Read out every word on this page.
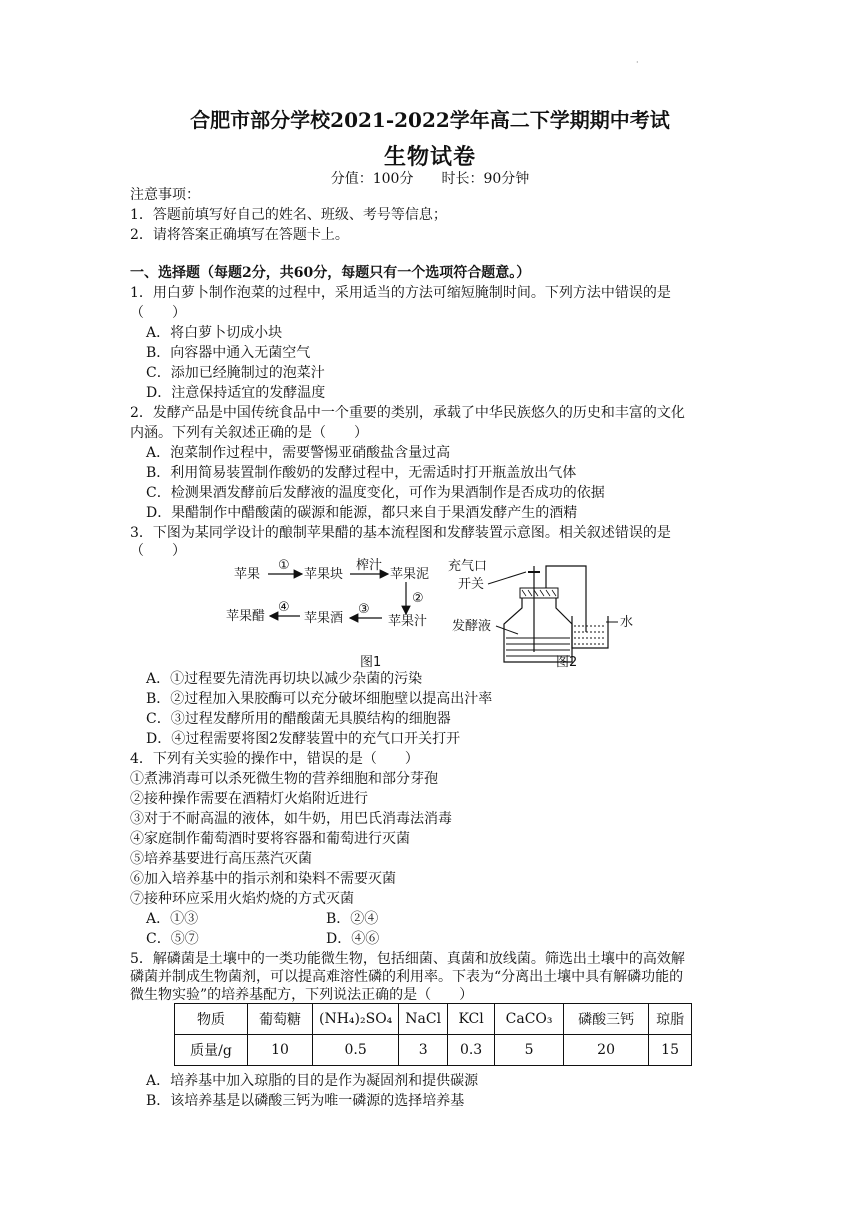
·
合肥市部分学校2021-2022学年高二下学期期中考试
生物试卷
分值：100分　　时长：90分钟
注意事项：
1．答题前填写好自己的姓名、班级、考号等信息；
2．请将答案正确填写在答题卡上。
一、选择题（每题2分，共60分，每题只有一个选项符合题意。）
1．用白萝卜制作泡菜的过程中，采用适当的方法可缩短腌制时间。下列方法中错误的是
（　　）
A．将白萝卜切成小块
B．向容器中通入无菌空气
C．添加已经腌制过的泡菜汁
D．注意保持适宜的发酵温度
2．发酵产品是中国传统食品中一个重要的类别，承载了中华民族悠久的历史和丰富的文化
内涵。下列有关叙述正确的是（　　）
A．泡菜制作过程中，需要警惕亚硝酸盐含量过高
B．利用简易装置制作酸奶的发酵过程中，无需适时打开瓶盖放出气体
C．检测果酒发酵前后发酵液的温度变化，可作为果酒制作是否成功的依据
D．果醋制作中醋酸菌的碳源和能源，都只来自于果酒发酵产生的酒精
3．下图为某同学设计的酿制苹果醋的基本流程图和发酵装置示意图。相关叙述错误的是
（　　）
苹果
①
苹果块
榨汁
苹果泥
②
苹果汁
③
苹果酒
④
苹果醋
图1
充气口
开关
水
发酵液
图2
A．①过程要先清洗再切块以减少杂菌的污染
B．②过程加入果胶酶可以充分破坏细胞壁以提高出汁率
C．③过程发酵所用的醋酸菌无具膜结构的细胞器
D．④过程需要将图2发酵装置中的充气口开关打开
4．下列有关实验的操作中，错误的是（　　）
①煮沸消毒可以杀死微生物的营养细胞和部分芽孢
②接种操作需要在酒精灯火焰附近进行
③对于不耐高温的液体，如牛奶，用巴氏消毒法消毒
④家庭制作葡萄酒时要将容器和葡萄进行灭菌
⑤培养基要进行高压蒸汽灭菌
⑥加入培养基中的指示剂和染料不需要灭菌
⑦接种环应采用火焰灼烧的方式灭菌
A．①③	B．②④
C．⑤⑦	D．④⑥
5．解磷菌是土壤中的一类功能微生物，包括细菌、真菌和放线菌。筛选出土壤中的高效解
磷菌并制成生物菌剂，可以提高难溶性磷的利用率。下表为“分离出土壤中具有解磷功能的
微生物实验”的培养基配方，下列说法正确的是（　　）
物质	葡萄糖	(NH₄)₂SO₄	NaCl	KCl	CaCO₃	磷酸三钙	琼脂
质量/g	10	0.5	3	0.3	5	20	15
A．培养基中加入琼脂的目的是作为凝固剂和提供碳源
B．该培养基是以磷酸三钙为唯一磷源的选择培养基
